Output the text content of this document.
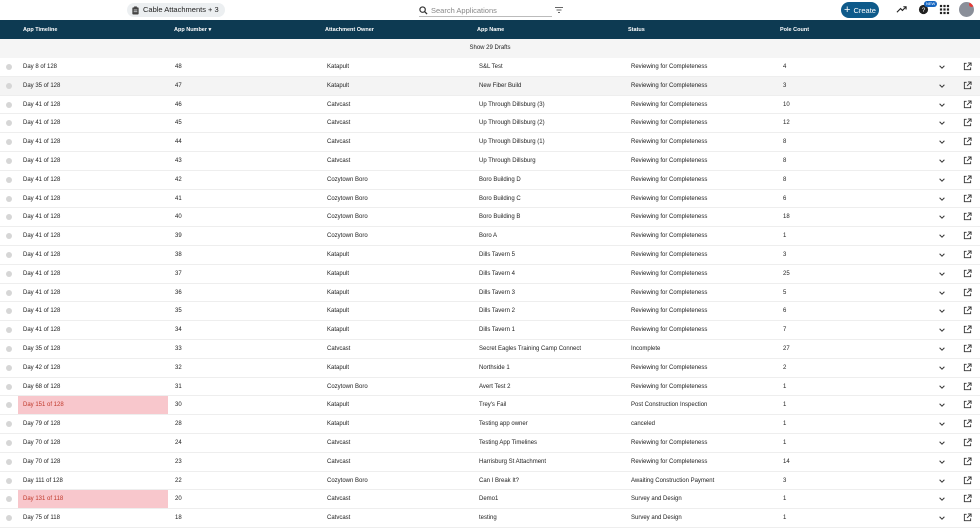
Cable Attachments + 3
Search Applications	+ Create	?
NEW
App Timeline	App Number ▾	Attachment Owner	App Name	Status	Pole Count
Show 29 Drafts
Day 8 of 128	48	Katapult	S&L Test	Reviewing for Completeness	4
Day 35 of 128	47	Katapult	New Fiber Build	Reviewing for Completeness	3
Day 41 of 128	46	Catvcast	Up Through Dillsburg (3)	Reviewing for Completeness	10
Day 41 of 128	45	Catvcast	Up Through Dillsburg (2)	Reviewing for Completeness	12
Day 41 of 128	44	Catvcast	Up Through Dillsburg (1)	Reviewing for Completeness	8
Day 41 of 128	43	Catvcast	Up Through Dillsburg	Reviewing for Completeness	8
Day 41 of 128	42	Cozytown Boro	Boro Building D	Reviewing for Completeness	8
Day 41 of 128	41	Cozytown Boro	Boro Building C	Reviewing for Completeness	6
Day 41 of 128	40	Cozytown Boro	Boro Building B	Reviewing for Completeness	18
Day 41 of 128	39	Cozytown Boro	Boro A	Reviewing for Completeness	1
Day 41 of 128	38	Katapult	Dills Tavern 5	Reviewing for Completeness	3
Day 41 of 128	37	Katapult	Dills Tavern 4	Reviewing for Completeness	25
Day 41 of 128	36	Katapult	Dills Tavern 3	Reviewing for Completeness	5
Day 41 of 128	35	Katapult	Dills Tavern 2	Reviewing for Completeness	6
Day 41 of 128	34	Katapult	Dills Tavern 1	Reviewing for Completeness	7
Day 35 of 128	33	Catvcast	Secret Eagles Training Camp Connect	Incomplete	27
Day 42 of 128	32	Katapult	Northside 1	Reviewing for Completeness	2
Day 68 of 128	31	Cozytown Boro	Avert Test 2	Reviewing for Completeness	1
Day 151 of 128	30	Katapult	Trey's Fail	Post Construction Inspection	1
Day 79 of 128	28	Katapult	Testing app owner	canceled	1
Day 70 of 128	24	Catvcast	Testing App Timelines	Reviewing for Completeness	1
Day 70 of 128	23	Catvcast	Harrisburg St Attachment	Reviewing for Completeness	14
Day 111 of 128	22	Cozytown Boro	Can I Break It?	Awaiting Construction Payment	3
Day 131 of 118	20	Catvcast	Demo1	Survey and Design	1
Day 75 of 118	18	Catvcast	testing	Survey and Design	1
